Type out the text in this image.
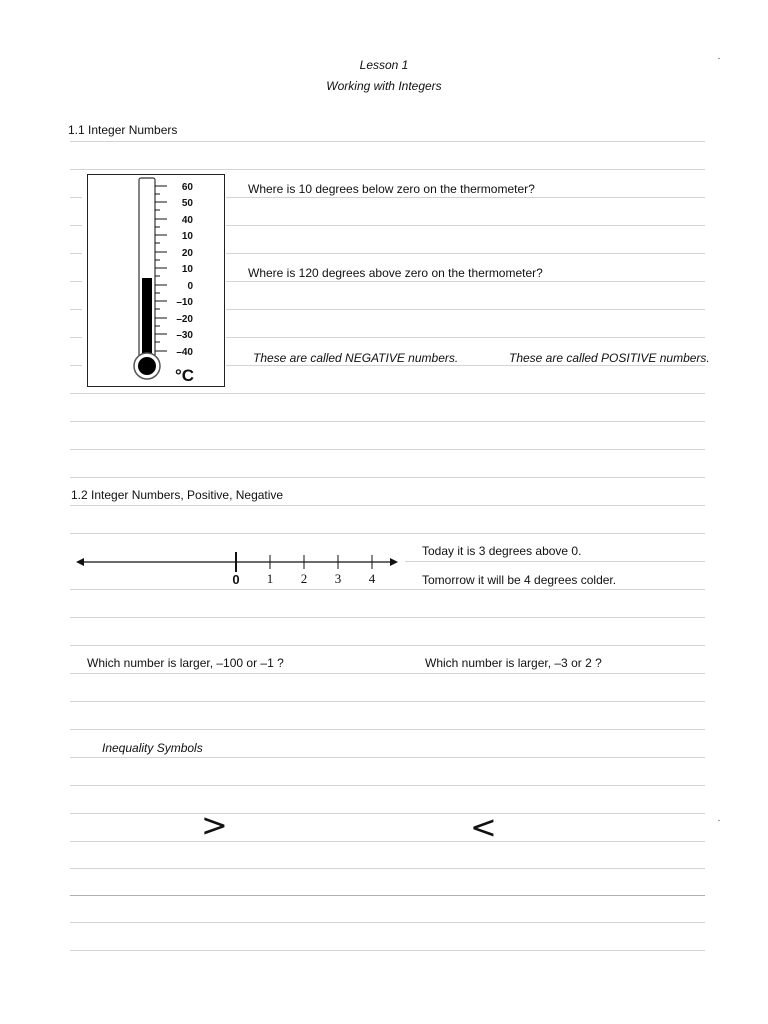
Lesson 1
Working with Integers
1.1 Integer Numbers
60
50
40
10
20
10
0
–10
–20
–30
–40
°C
Where is 10 degrees below zero on the thermometer?
Where is 120 degrees above zero on the thermometer?
These are called NEGATIVE numbers.	These are called POSITIVE numbers.
1.2 Integer Numbers, Positive, Negative
0 1 2 3 4
Today it is 3 degrees above 0.
Tomorrow it will be 4 degrees colder.
Which number is larger, –100 or –1 ?	Which number is larger, –3 or 2 ?
Inequality Symbols
>	<
